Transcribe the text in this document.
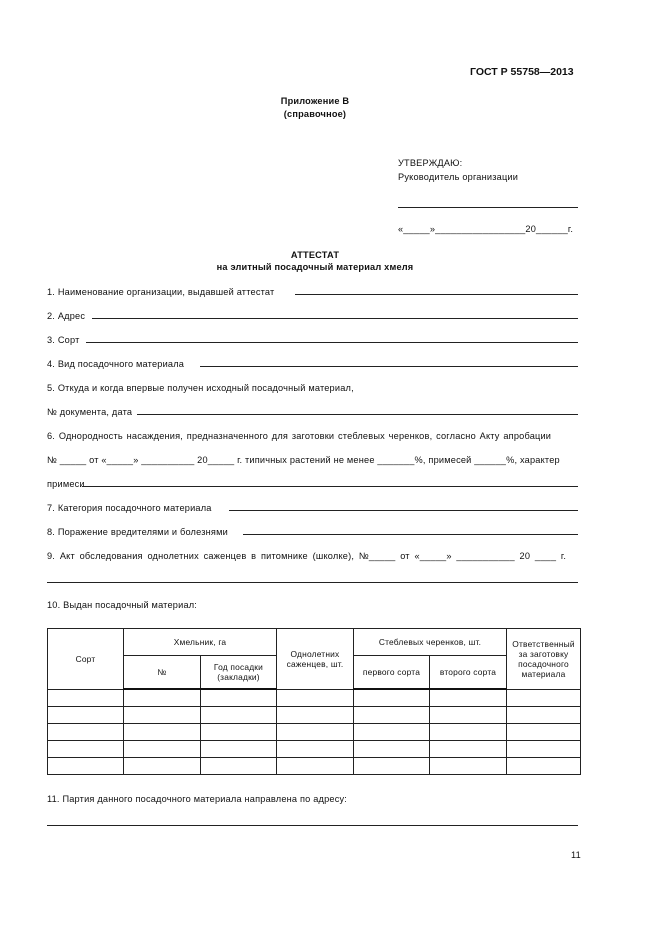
ГОСТ Р 55758—2013
Приложение В
(справочное)
УТВЕРЖДАЮ:
Руководитель организации
«_____»_________________20______г.
АТТЕСТАТ
на элитный посадочный материал хмеля
1. Наименование организации, выдавшей аттестат
2. Адрес
3. Сорт
4. Вид посадочного материала
5. Откуда и когда впервые получен исходный посадочный материал,
№ документа, дата
6. Однородность насаждения, предназначенного для заготовки стеблевых черенков, согласно Акту апробации
№ _____ от «_____» __________ 20_____ г. типичных растений не менее _______%, примесей ______%, характер
примеси
7. Категория посадочного материала
8. Поражение вредителями и болезнями
9. Акт обследования однолетних саженцев в питомнике (школке), №_____ от «_____» ___________ 20 ____ г.
10. Выдан посадочный материал:
Сорт	Хмельник, га		Однолетних саженцев, шт.	Стеблевых черенков, шт.		Ответственный за заготовку посадочного материала
	№	Год посадки (закладки)		первого сорта	второго сорта	

11. Партия данного посадочного материала направлена по адресу:
11
